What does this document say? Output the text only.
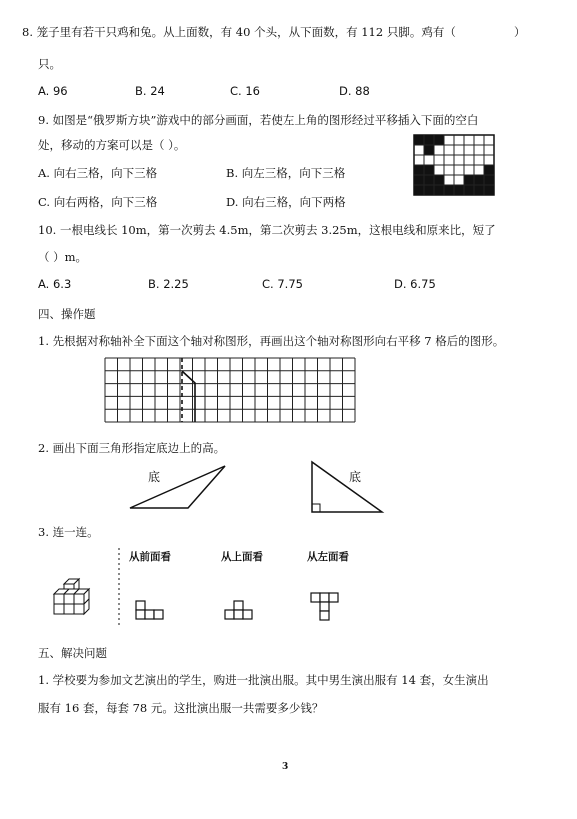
8. 笼子里有若干只鸡和兔。从上面数，有 40 个头，从下面数，有 112 只脚。鸡有（	）
只。
A. 96	B. 24	C. 16	D. 88
9. 如图是“俄罗斯方块”游戏中的部分画面，若使左上角的图形经过平移插入下面的空白
处，移动的方案可以是（ ）。
A. 向右三格，向下三格	B. 向左三格，向下三格
C. 向右两格，向下三格	D. 向右三格，向下两格
10. 一根电线长 10m，第一次剪去 4.5m，第二次剪去 3.25m，这根电线和原来比，短了
（ ）m。
A. 6.3	B. 2.25	C. 7.75	D. 6.75
四、操作题
1. 先根据对称轴补全下面这个轴对称图形，再画出这个轴对称图形向右平移 7 格后的图形。
2. 画出下面三角形指定底边上的高。
底	底
3. 连一连。
从前面看	从上面看	从左面看
五、解决问题
1. 学校要为参加文艺演出的学生，购进一批演出服。其中男生演出服有 14 套，女生演出
服有 16 套，每套 78 元。这批演出服一共需要多少钱？
3
